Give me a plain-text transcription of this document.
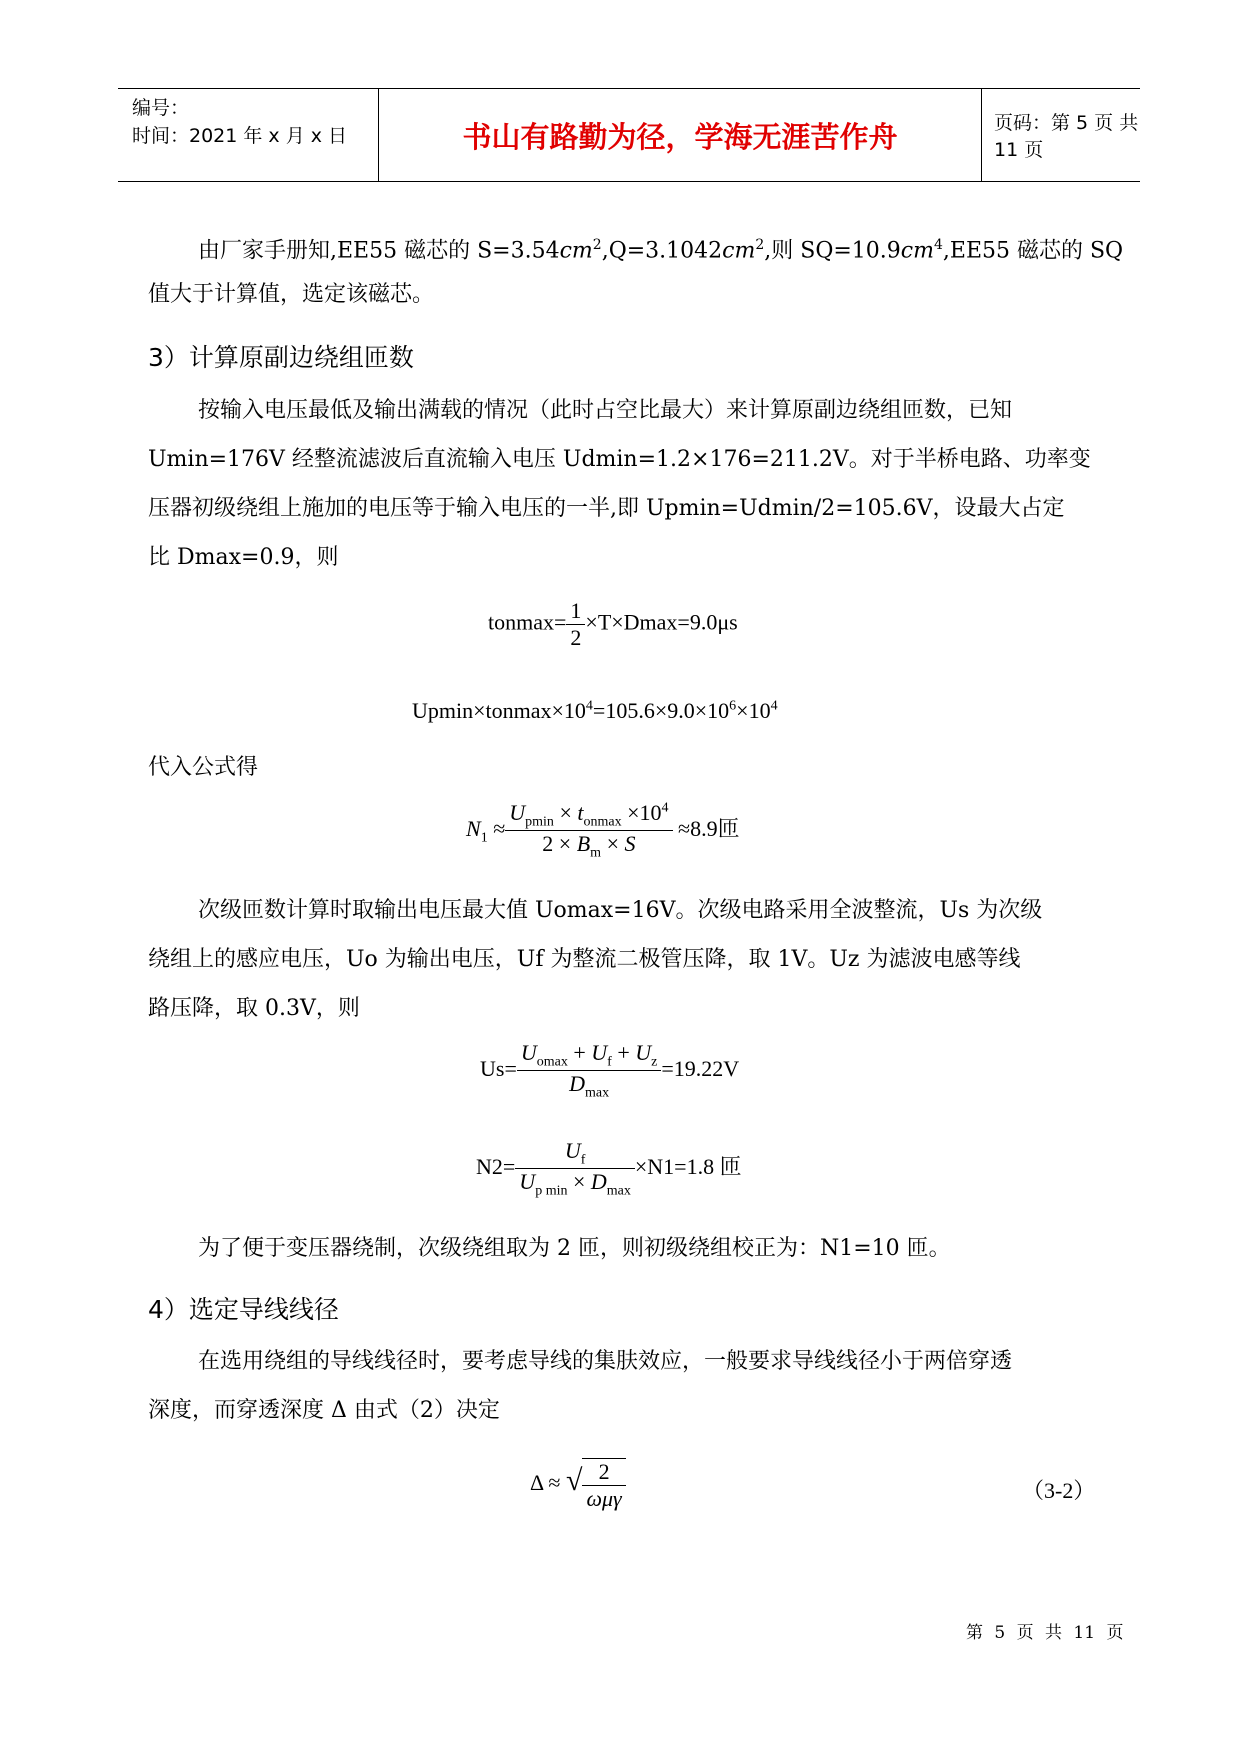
编号：
时间：2021 年 x 月 x 日	书山有路勤为径，学海无涯苦作舟	页码：第 5 页 共 11 页
由厂家手册知,EE55 磁芯的 $S=3.54cm^2,Q=3.1042cm^2$,则 $SQ=10.9cm^4,EE55$ 磁芯的 SQ
值大于计算值，选定该磁芯。
3）计算原副边绕组匝数
按输入电压最低及输出满载的情况（此时占空比最大）来计算原副边绕组匝数，已知
Umin=176V 经整流滤波后直流输入电压 Udmin=1.2×176=211.2V。对于半桥电路、功率变
压器初级绕组上施加的电压等于输入电压的一半,即 Upmin=Udmin/2=105.6V，设最大占定
比 Dmax=0.9，则
$tonmax= \frac{1}{2} \times T\times Dmax=9.0\mu s$
$Upmin\times tonmax\times 10^4=105.6\times 9.0\times 10^6\times 10^4$
代入公式得
$N_1 \approx \frac{U_{pmin} \times t_{onmax} \times 10^4}{2 \times B_m \times S} \approx 8.9$匝
次级匝数计算时取输出电压最大值 Uomax=16V。次级电路采用全波整流，Us 为次级
绕组上的感应电压，Uo 为输出电压，Uf 为整流二极管压降，取 1V。Uz 为滤波电感等线
路压降，取 0.3V，则
$Us= \frac{U_{omax} + U_f + U_z}{D_{max}} =19.22V$
$N2= \frac{U_f}{U_{p min} \times D_{max}} \times N1=1.8$ 匝
为了便于变压器绕制，次级绕组取为 2 匝，则初级绕组校正为：N1=10 匝。
4）选定导线线径
在选用绕组的导线线径时，要考虑导线的集肤效应，一般要求导线线径小于两倍穿透
深度，而穿透深度 Δ 由式（2）决定
Δ ≈ √ $\frac{2}{\text{ωμγ}}$	（3-2）
第 5 页 共 11 页
